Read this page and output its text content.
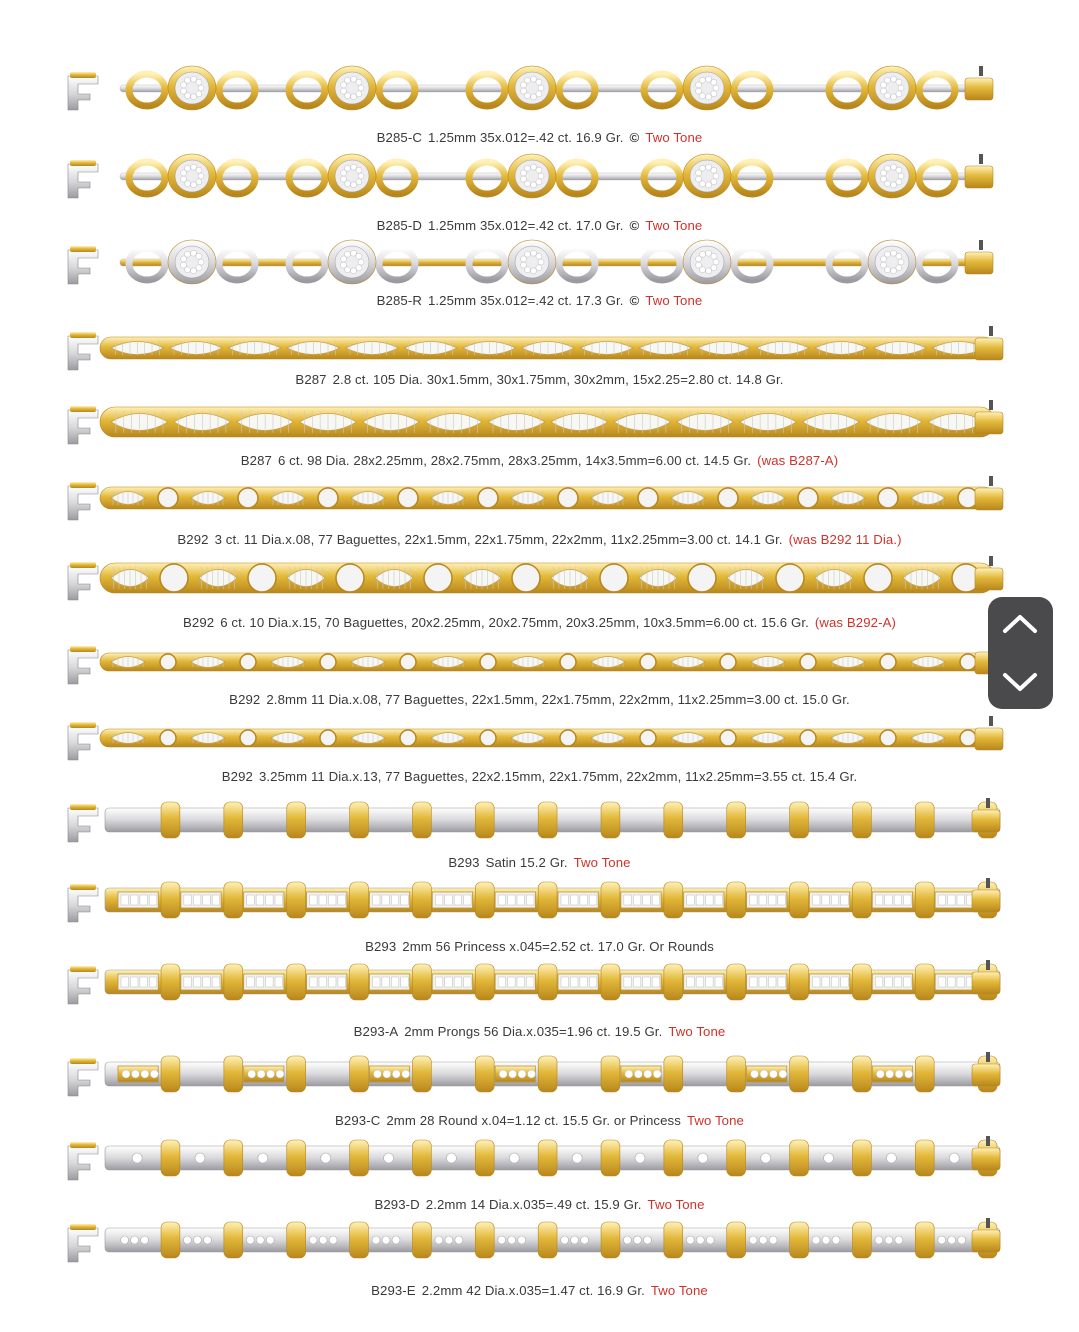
B285-C 1.25mm 35x.012=.42 ct. 16.9 Gr. © Two Tone
B285-D 1.25mm 35x.012=.42 ct. 17.0 Gr. © Two Tone
B285-R 1.25mm 35x.012=.42 ct. 17.3 Gr. © Two Tone
B287 2.8 ct. 105 Dia. 30x1.5mm, 30x1.75mm, 30x2mm, 15x2.25=2.80 ct. 14.8 Gr.
B287 6 ct. 98 Dia. 28x2.25mm, 28x2.75mm, 28x3.25mm, 14x3.5mm=6.00 ct. 14.5 Gr. (was B287-A)
B292 3 ct. 11 Dia.x.08, 77 Baguettes, 22x1.5mm, 22x1.75mm, 22x2mm, 11x2.25mm=3.00 ct. 14.1 Gr. (was B292 11 Dia.)
B292 6 ct. 10 Dia.x.15, 70 Baguettes, 20x2.25mm, 20x2.75mm, 20x3.25mm, 10x3.5mm=6.00 ct. 15.6 Gr. (was B292-A)
B292 2.8mm 11 Dia.x.08, 77 Baguettes, 22x1.5mm, 22x1.75mm, 22x2mm, 11x2.25mm=3.00 ct. 15.0 Gr.
B292 3.25mm 11 Dia.x.13, 77 Baguettes, 22x2.15mm, 22x1.75mm, 22x2mm, 11x2.25mm=3.55 ct. 15.4 Gr.
B293 Satin 15.2 Gr. Two Tone
B293 2mm 56 Princess x.045=2.52 ct. 17.0 Gr. Or Rounds
B293-A 2mm Prongs 56 Dia.x.035=1.96 ct. 19.5 Gr. Two Tone
B293-C 2mm 28 Round x.04=1.12 ct. 15.5 Gr. or Princess Two Tone
B293-D 2.2mm 14 Dia.x.035=.49 ct. 15.9 Gr. Two Tone
B293-E 2.2mm 42 Dia.x.035=1.47 ct. 16.9 Gr. Two Tone
